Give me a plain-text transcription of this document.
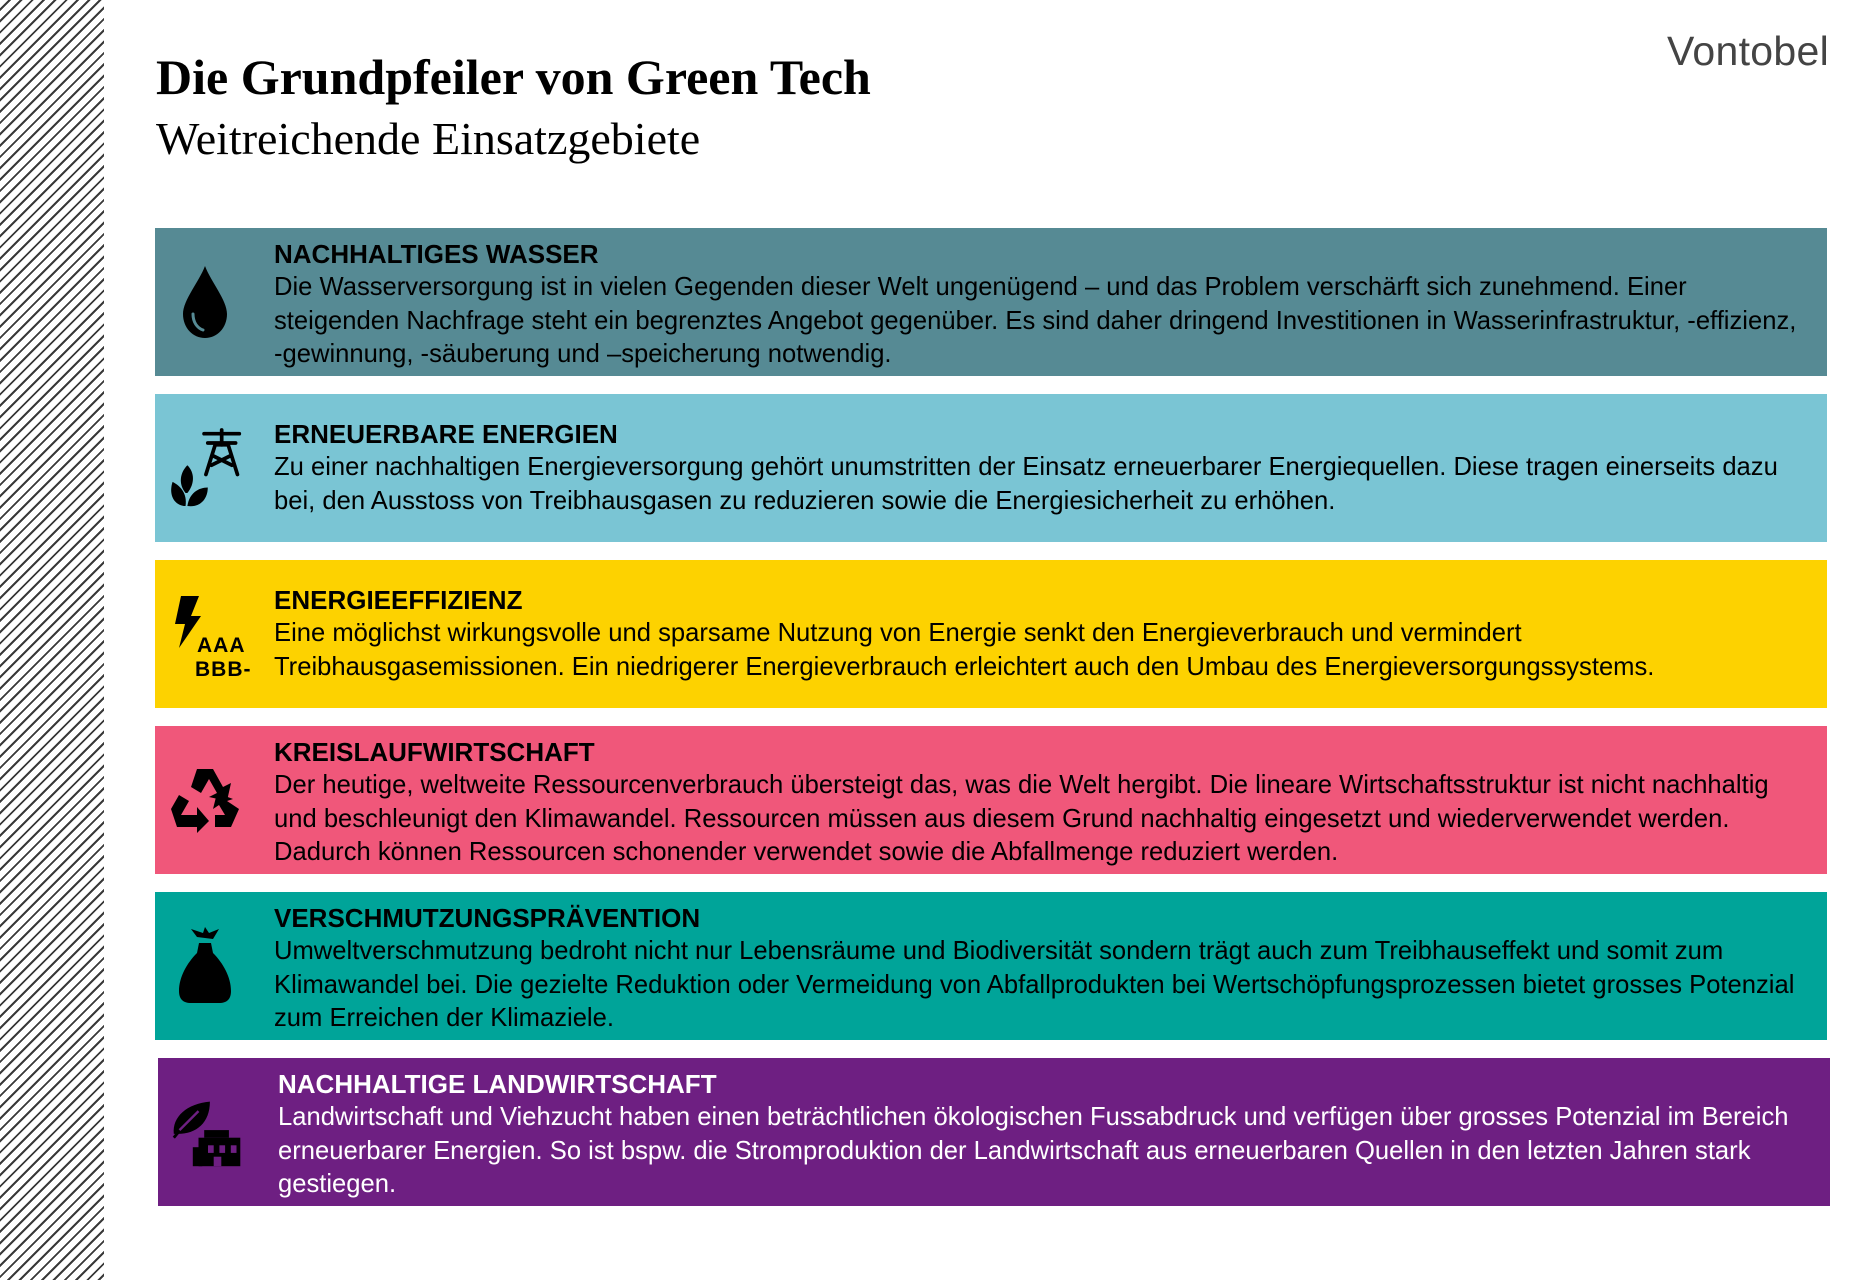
Vontobel
Die Grundpfeiler von Green Tech
Weitreichende Einsatzgebiete
NACHHALTIGES WASSER
Die Wasserversorgung ist in vielen Gegenden dieser Welt ungenügend – und das Problem verschärft sich zunehmend. Einer steigenden Nachfrage steht ein begrenztes Angebot gegenüber. Es sind daher dringend Investitionen in Wasserinfrastruktur, -effizienz, -gewinnung, -säuberung und –speicherung notwendig.
ERNEUERBARE ENERGIEN
Zu einer nachhaltigen Energieversorgung gehört unumstritten der Einsatz erneuerbarer Energiequellen. Diese tragen einerseits dazu bei, den Ausstoss von Treibhausgasen zu reduzieren sowie die Energiesicherheit zu erhöhen.
AAA
BBB-
ENERGIEEFFIZIENZ
Eine möglichst wirkungsvolle und sparsame Nutzung von Energie senkt den Energieverbrauch und vermindert Treibhausgasemissionen. Ein niedrigerer Energieverbrauch erleichtert auch den Umbau des Energieversorgungssystems.
KREISLAUFWIRTSCHAFT
Der heutige, weltweite Ressourcenverbrauch übersteigt das, was die Welt hergibt. Die lineare Wirtschaftsstruktur ist nicht nachhaltig und beschleunigt den Klimawandel. Ressourcen müssen aus diesem Grund nachhaltig eingesetzt und wiederverwendet werden. Dadurch können Ressourcen schonender verwendet sowie die Abfallmenge reduziert werden.
VERSCHMUTZUNGSPRÄVENTION
Umweltverschmutzung bedroht nicht nur Lebensräume und Biodiversität sondern trägt auch zum Treibhauseffekt und somit zum Klimawandel bei. Die gezielte Reduktion oder Vermeidung von Abfallprodukten bei Wertschöpfungsprozessen bietet grosses Potenzial zum Erreichen der Klimaziele.
NACHHALTIGE LANDWIRTSCHAFT
Landwirtschaft und Viehzucht haben einen beträchtlichen ökologischen Fussabdruck und verfügen über grosses Potenzial im Bereich erneuerbarer Energien. So ist bspw. die Stromproduktion der Landwirtschaft aus erneuerbaren Quellen in den letzten Jahren stark gestiegen.
